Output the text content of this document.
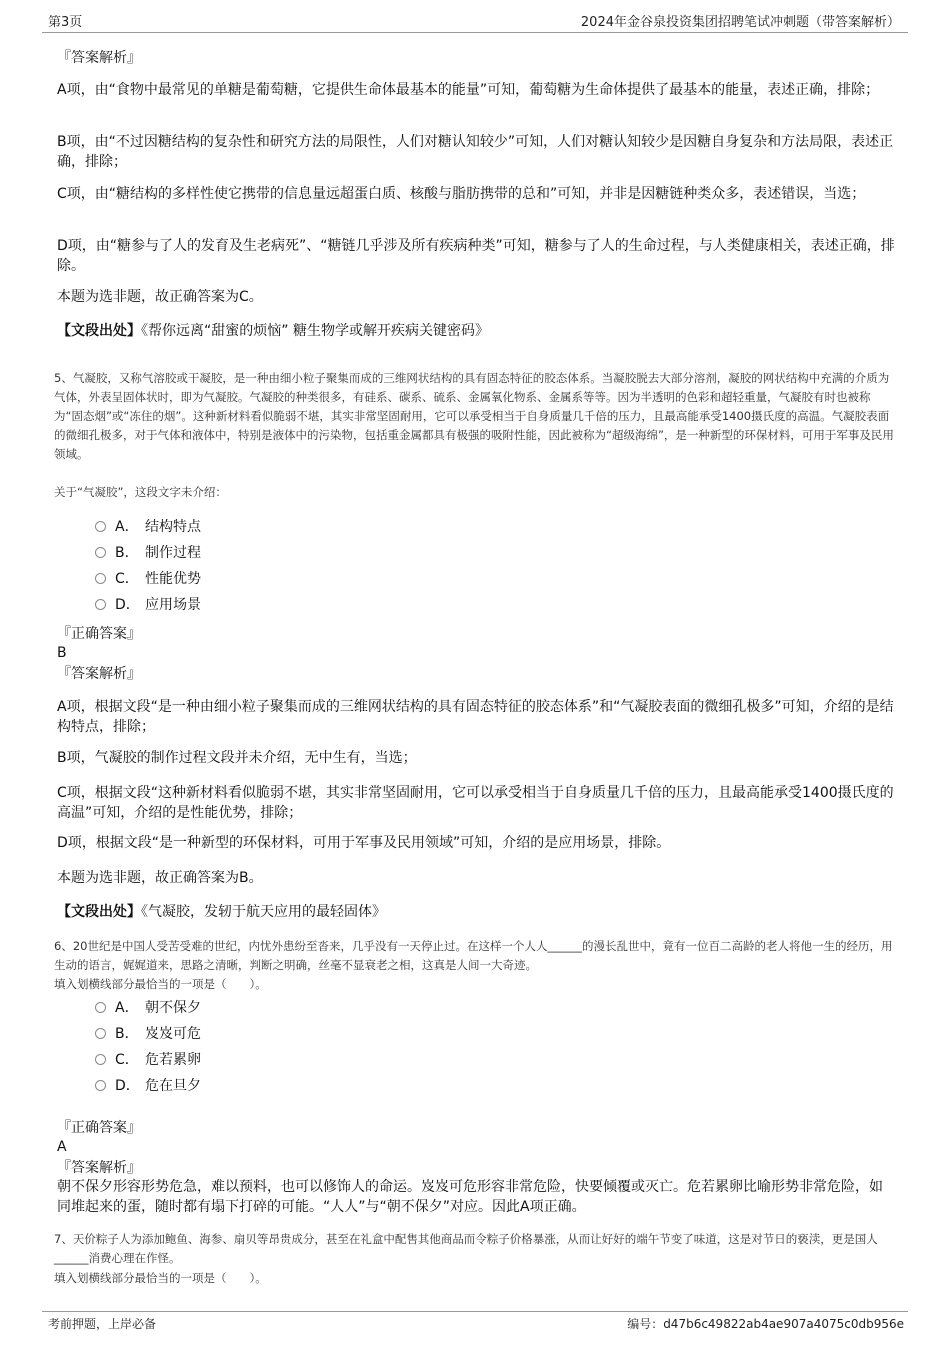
第3页	2024年金谷泉投资集团招聘笔试冲刺题（带答案解析）
『答案解析』
A项，由“食物中最常见的单糖是葡萄糖，它提供生命体最基本的能量”可知，葡萄糖为生命体提供了最基本的能量，表述正确，排除；
B项，由“不过因糖结构的复杂性和研究方法的局限性，人们对糖认知较少”可知，人们对糖认知较少是因糖自身复杂和方法局限，表述正确，排除；
C项，由“糖结构的多样性使它携带的信息量远超蛋白质、核酸与脂肪携带的总和”可知，并非是因糖链种类众多，表述错误，当选；
D项，由“糖参与了人的发育及生老病死”、“糖链几乎涉及所有疾病种类”可知，糖参与了人的生命过程，与人类健康相关，表述正确，排除。
本题为选非题，故正确答案为C。
【文段出处】《帮你远离“甜蜜的烦恼” 糖生物学或解开疾病关键密码》
5、气凝胶，又称气溶胶或干凝胶，是一种由细小粒子聚集而成的三维网状结构的具有固态特征的胶态体系。当凝胶脱去大部分溶剂，凝胶的网状结构中充满的介质为气体，外表呈固体状时，即为气凝胶。气凝胶的种类很多，有硅系、碳系、硫系、金属氧化物系、金属系等等。因为半透明的色彩和超轻重量，气凝胶有时也被称为“固态烟”或“冻住的烟”。这种新材料看似脆弱不堪，其实非常坚固耐用，它可以承受相当于自身质量几千倍的压力，且最高能承受1400摄氏度的高温。气凝胶表面的微细孔极多，对于气体和液体中，特别是液体中的污染物，包括重金属都具有极强的吸附性能，因此被称为“超级海绵”，是一种新型的环保材料，可用于军事及民用领域。
关于“气凝胶”，这段文字未介绍：
A． 结构特点
B． 制作过程
C． 性能优势
D． 应用场景
『正确答案』
B
『答案解析』
A项，根据文段“是一种由细小粒子聚集而成的三维网状结构的具有固态特征的胶态体系”和“气凝胶表面的微细孔极多”可知，介绍的是结构特点，排除；
B项，气凝胶的制作过程文段并未介绍，无中生有，当选；
C项，根据文段“这种新材料看似脆弱不堪，其实非常坚固耐用，它可以承受相当于自身质量几千倍的压力，且最高能承受1400摄氏度的高温”可知，介绍的是性能优势，排除；
D项，根据文段“是一种新型的环保材料，可用于军事及民用领域”可知，介绍的是应用场景，排除。
本题为选非题，故正确答案为B。
【文段出处】《气凝胶，发轫于航天应用的最轻固体》
6、20世纪是中国人受苦受难的世纪，内忧外患纷至沓来，几乎没有一天停止过。在这样一个人人______的漫长乱世中，竟有一位百二高龄的老人将他一生的经历，用生动的语言，娓娓道来，思路之清晰，判断之明确，丝毫不显衰老之相，这真是人间一大奇迹。
填入划横线部分最恰当的一项是（　　）。
A． 朝不保夕
B． 岌岌可危
C． 危若累卵
D． 危在旦夕
『正确答案』
A
『答案解析』
朝不保夕形容形势危急，难以预料，也可以修饰人的命运。岌岌可危形容非常危险，快要倾覆或灭亡。危若累卵比喻形势非常危险，如同堆起来的蛋，随时都有塌下打碎的可能。“人人”与“朝不保夕”对应。因此A项正确。
7、天价粽子人为添加鲍鱼、海参、扇贝等昂贵成分，甚至在礼盒中配售其他商品而令粽子价格暴涨，从而让好好的端午节变了味道，这是对节日的亵渎，更是国人______消费心理在作怪。
填入划横线部分最恰当的一项是（　　）。
考前押题，上岸必备	编号：d47b6c49822ab4ae907a4075c0db956e
